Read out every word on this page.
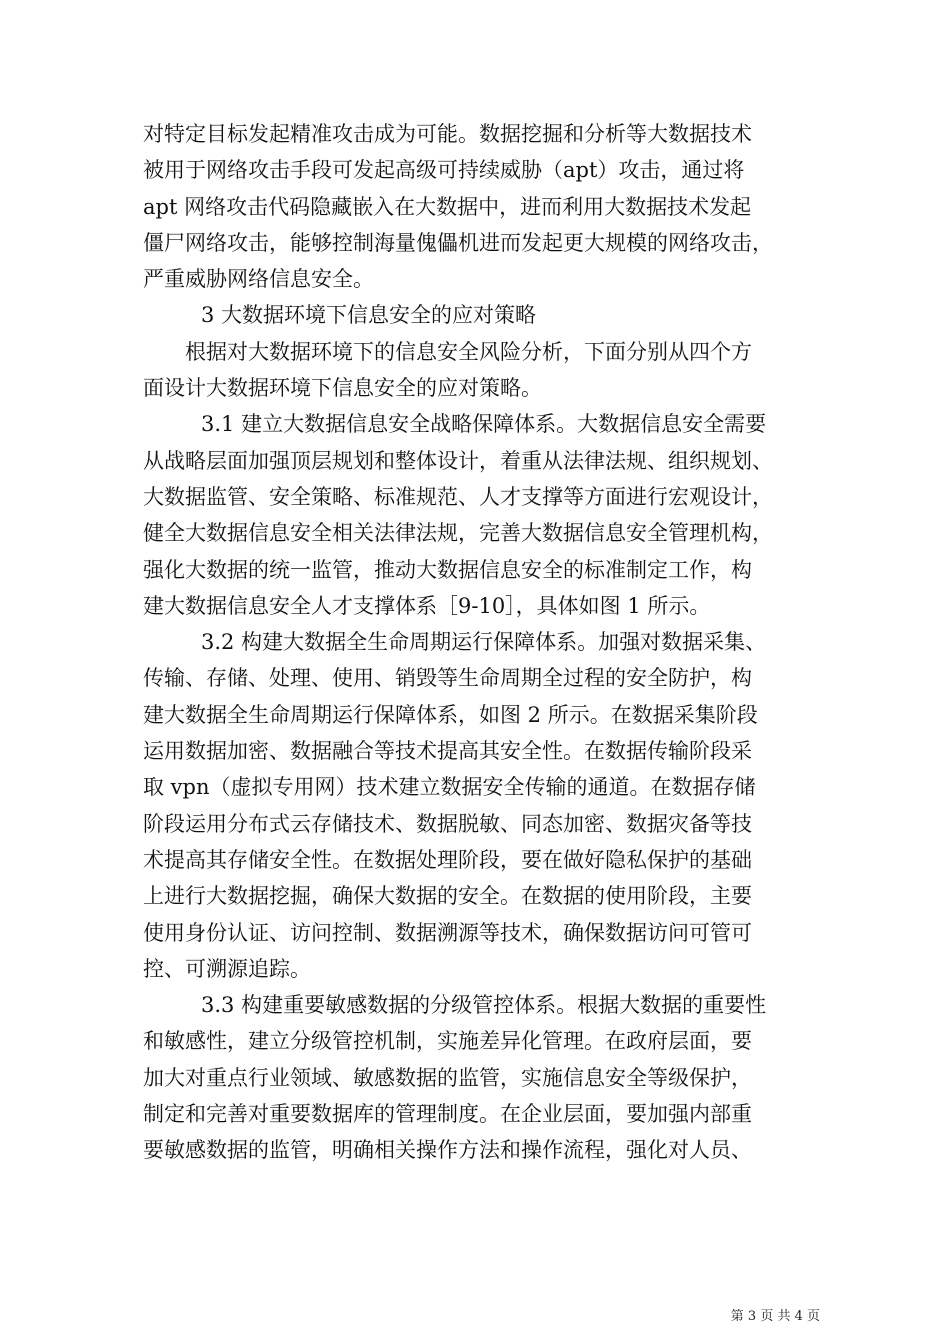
对特定目标发起精准攻击成为可能。数据挖掘和分析等大数据技术
被用于网络攻击手段可发起高级可持续威胁（apt）攻击，通过将
apt 网络攻击代码隐藏嵌入在大数据中，进而利用大数据技术发起
僵尸网络攻击，能够控制海量傀儡机进而发起更大规模的网络攻击，
严重威胁网络信息安全。
3 大数据环境下信息安全的应对策略
根据对大数据环境下的信息安全风险分析，下面分别从四个方
面设计大数据环境下信息安全的应对策略。
3.1 建立大数据信息安全战略保障体系。大数据信息安全需要
从战略层面加强顶层规划和整体设计，着重从法律法规、组织规划、
大数据监管、安全策略、标准规范、人才支撑等方面进行宏观设计，
健全大数据信息安全相关法律法规，完善大数据信息安全管理机构，
强化大数据的统一监管，推动大数据信息安全的标准制定工作，构
建大数据信息安全人才支撑体系［9-10］，具体如图 1 所示。
3.2 构建大数据全生命周期运行保障体系。加强对数据采集、
传输、存储、处理、使用、销毁等生命周期全过程的安全防护，构
建大数据全生命周期运行保障体系，如图 2 所示。在数据采集阶段
运用数据加密、数据融合等技术提高其安全性。在数据传输阶段采
取 vpn（虚拟专用网）技术建立数据安全传输的通道。在数据存储
阶段运用分布式云存储技术、数据脱敏、同态加密、数据灾备等技
术提高其存储安全性。在数据处理阶段，要在做好隐私保护的基础
上进行大数据挖掘，确保大数据的安全。在数据的使用阶段，主要
使用身份认证、访问控制、数据溯源等技术，确保数据访问可管可
控、可溯源追踪。
3.3 构建重要敏感数据的分级管控体系。根据大数据的重要性
和敏感性，建立分级管控机制，实施差异化管理。在政府层面，要
加大对重点行业领域、敏感数据的监管，实施信息安全等级保护，
制定和完善对重要数据库的管理制度。在企业层面，要加强内部重
要敏感数据的监管，明确相关操作方法和操作流程，强化对人员、
第 3 页 共 4 页
